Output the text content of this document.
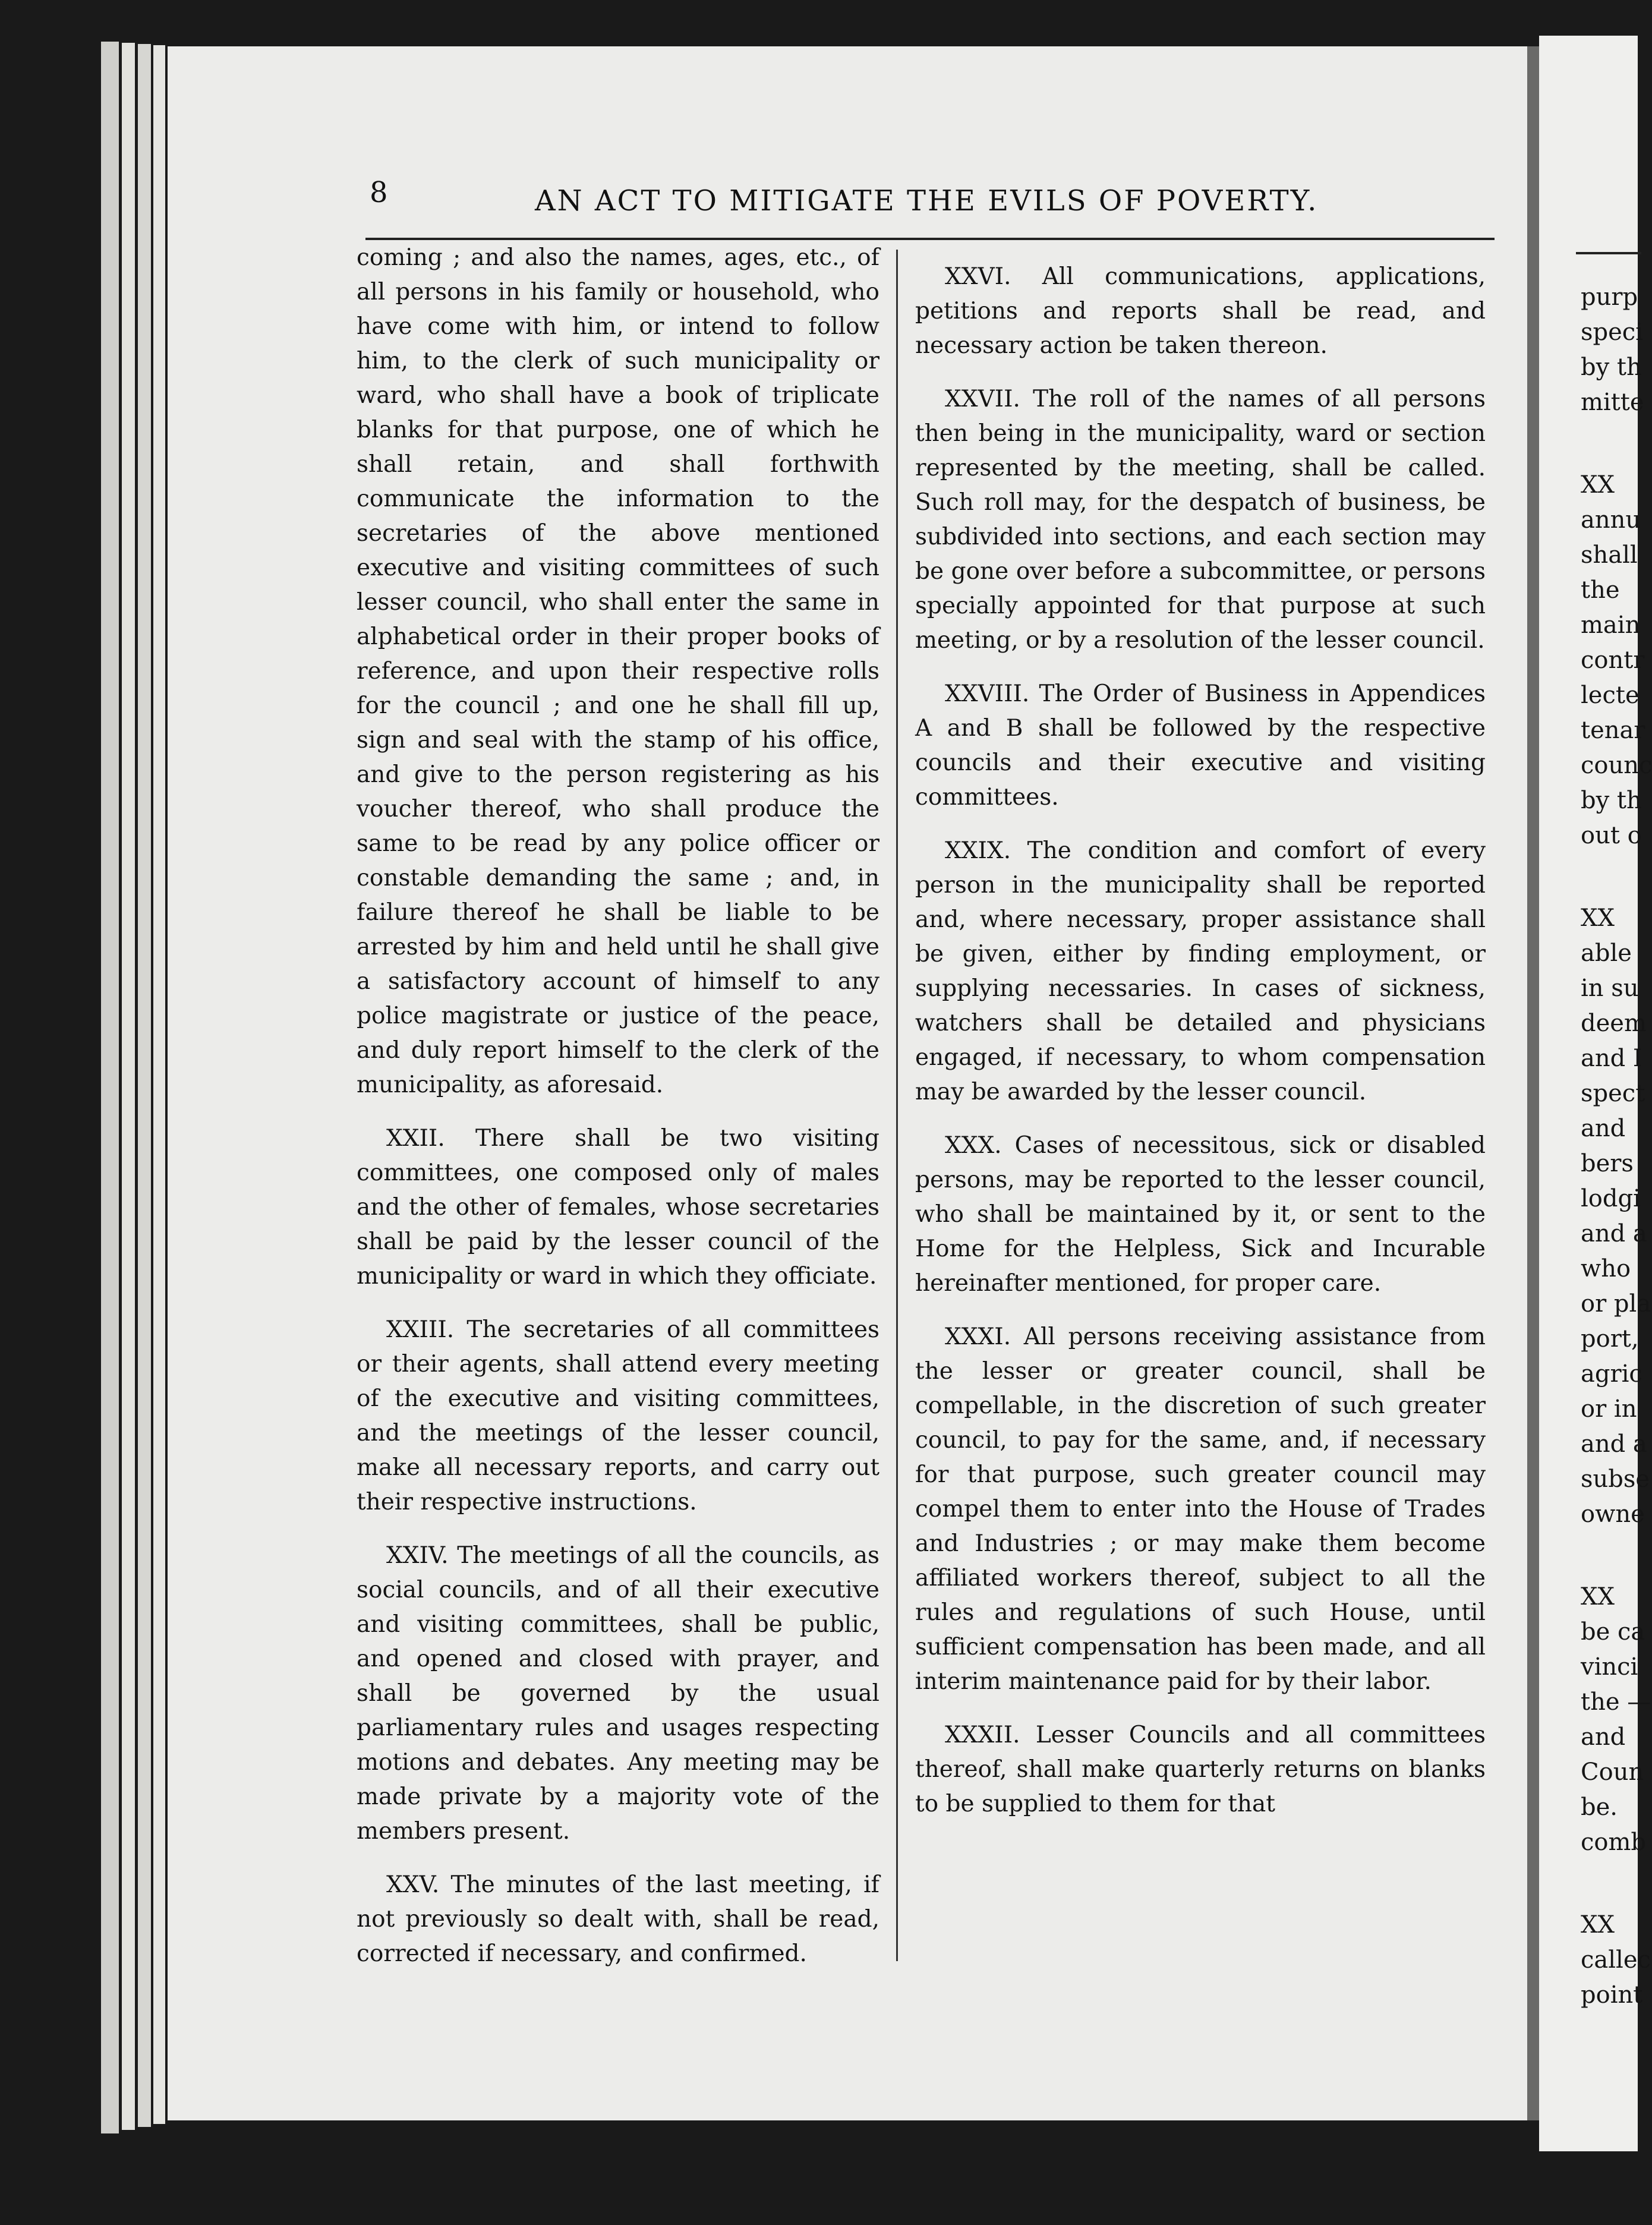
purp
speci
by th
mitte
XX
annu
shall
the
main
contr
lecte
tenar
counc
by th
out o
XX
able
in su
deem
and I
spect
and
bers
lodgi
and a
who
or pla
port,
agric
or in
and a
subse
owne
XX
be ca
vinci
the —
and
Coun
be.
comb
XX
callec
point
8	AN ACT TO MITIGATE THE EVILS OF POVERTY.

coming ; and also the names, ages, etc., of all persons in his family or household, who have come with him, or intend to follow him, to the clerk of such municipality or ward, who shall have a book of triplicate blanks for that purpose, one of which he shall retain, and shall forthwith communicate the information to the secretaries of the above mentioned executive and visiting committees of such lesser council, who shall enter the same in alphabetical order in their proper books of reference, and upon their respective rolls for the council ; and one he shall fill up, sign and seal with the stamp of his office, and give to the person registering as his voucher thereof, who shall produce the same to be read by any police officer or constable demanding the same ; and, in failure thereof he shall be liable to be arrested by him and held until he shall give a satisfactory account of himself to any police magistrate or justice of the peace, and duly report himself to the clerk of the municipality, as aforesaid.

XXII. There shall be two visiting committees, one composed only of males and the other of females, whose secretaries shall be paid by the lesser council of the municipality or ward in which they officiate.

XXIII. The secretaries of all committees or their agents, shall attend every meeting of the executive and visiting committees, and the meetings of the lesser council, make all necessary reports, and carry out their respective instructions.

XXIV. The meetings of all the councils, as social councils, and of all their executive and visiting committees, shall be public, and opened and closed with prayer, and shall be governed by the usual parliamentary rules and usages respecting motions and debates. Any meeting may be made private by a majority vote of the members present.

XXV. The minutes of the last meeting, if not previously so dealt with, shall be read, corrected if necessary, and confirmed.

XXVI. All communications, applications, petitions and reports shall be read, and necessary action be taken thereon.

XXVII. The roll of the names of all persons then being in the municipality, ward or section represented by the meeting, shall be called. Such roll may, for the despatch of business, be subdivided into sections, and each section may be gone over before a subcommittee, or persons specially appointed for that purpose at such meeting, or by a resolution of the lesser council.

XXVIII. The Order of Business in Appendices A and B shall be followed by the respective councils and their executive and visiting committees.

XXIX. The condition and comfort of every person in the municipality shall be reported and, where necessary, proper assistance shall be given, either by finding employment, or supplying necessaries. In cases of sickness, watchers shall be detailed and physicians engaged, if necessary, to whom compensation may be awarded by the lesser council.

XXX. Cases of necessitous, sick or disabled persons, may be reported to the lesser council, who shall be maintained by it, or sent to the Home for the Helpless, Sick and Incurable hereinafter mentioned, for proper care.

XXXI. All persons receiving assistance from the lesser or greater council, shall be compellable, in the discretion of such greater council, to pay for the same, and, if necessary for that purpose, such greater council may compel them to enter into the House of Trades and Industries ; or may make them become affiliated workers thereof, subject to all the rules and regulations of such House, until sufficient compensation has been made, and all interim maintenance paid for by their labor.

XXXII. Lesser Councils and all committees thereof, shall make quarterly returns on blanks to be supplied to them for that
